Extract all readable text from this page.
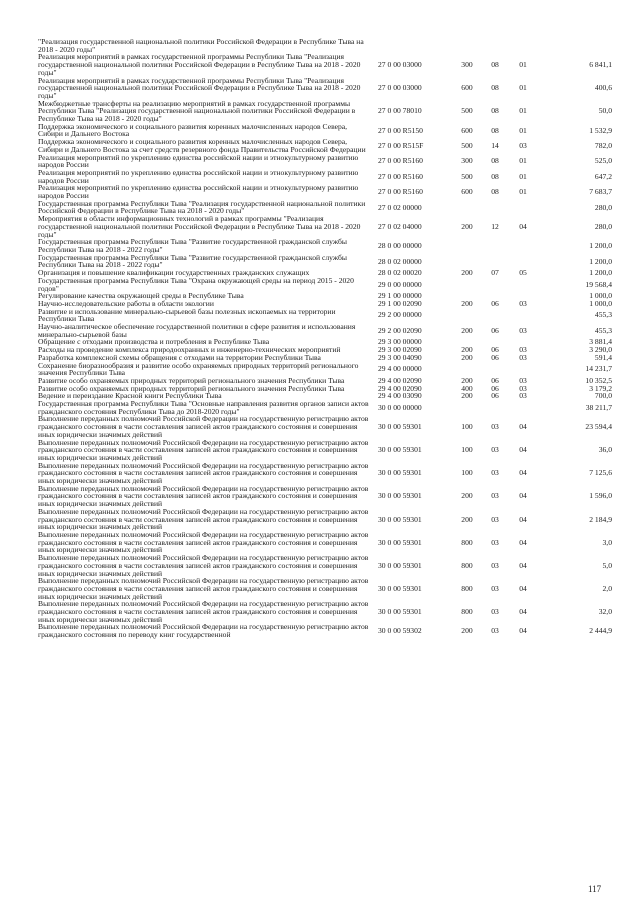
"Реализация государственной национальной политики Российской Федерации в Республике Тыва на 2018 - 2020 годы"					
Реализация мероприятий в рамках государственной программы Республики Тыва "Реализация государственной национальной политики Российской Федерации в Республике Тыва на 2018 - 2020 годы"	27 0 00 03000	300	08	01	6 841,1
Реализация мероприятий в рамках государственной программы Республики Тыва "Реализация государственной национальной политики Российской Федерации в Республике Тыва на 2018 - 2020 годы"	27 0 00 03000	600	08	01	400,6
Межбюджетные трансферты на реализацию мероприятий в рамках государственной программы Республики Тыва "Реализация государственной национальной политики Российской Федерации в Республике Тыва на 2018 - 2020 годы"	27 0 00 78010	500	08	01	50,0
Поддержка экономического и социального развития коренных малочисленных народов Севера, Сибири и Дальнего Востока	27 0 00 R5150	600	08	01	1 532,9
Поддержка экономического и социального развития коренных малочисленных народов Севера, Сибири и Дальнего Востока за счет средств резервного фонда Правительства Российской Федерации	27 0 00 R515F	500	14	03	782,0
Реализация мероприятий по укреплению единства российской нации и этнокультурному развитию народов России	27 0 00 R5160	300	08	01	525,0
Реализация мероприятий по укреплению единства российской нации и этнокультурному развитию народов России	27 0 00 R5160	500	08	01	647,2
Реализация мероприятий по укреплению единства российской нации и этнокультурному развитию народов России	27 0 00 R5160	600	08	01	7 683,7
Государственная программа Республики Тыва "Реализация государственной национальной политики Российской Федерации в Республике Тыва на 2018 - 2020 годы"	27 0 02 00000				280,0
Мероприятия в области информационных технологий в рамках программы "Реализация государственной национальной политики Российской Федерации в Республике Тыва на 2018 - 2020 годы"	27 0 02 04000	200	12	04	280,0
Государственная программа Республики Тыва "Развитие государственной гражданской службы Республики Тыва на 2018 - 2022 годы"	28 0 00 00000				1 200,0
Государственная программа Республики Тыва "Развитие государственной гражданской службы Республики Тыва на 2018 - 2022 годы"	28 0 02 00000				1 200,0
Организация и повышение квалификации государственных гражданских служащих	28 0 02 00020	200	07	05	1 200,0
Государственная программа Республики Тыва "Охрана окружающей среды на период 2015 - 2020 годов"	29 0 00 00000				19 568,4
Регулирование качества окружающей среды в Республике Тыва	29 1 00 00000				1 000,0
Научно-исследовательские работы в области экологии	29 1 00 02090	200	06	03	1 000,0
Развитие и использование минерально-сырьевой базы полезных ископаемых на территории Республики Тыва	29 2 00 00000				455,3
Научно-аналитическое обеспечение государственной политики в сфере развития и использования минерально-сырьевой базы	29 2 00 02090	200	06	03	455,3
Обращение с отходами производства и потребления в Республике Тыва	29 3 00 00000				3 881,4
Расходы на проведение комплекса природоохранных и инженерно-технических мероприятий	29 3 00 02090	200	06	03	3 290,0
Разработка комплексной схемы обращения с отходами на территории Республики Тыва	29 3 00 04090	200	06	03	591,4
Сохранение биоразнообразия и развитие особо охраняемых природных территорий регионального значения Республики Тыва	29 4 00 00000				14 231,7
Развитие особо охраняемых природных территорий регионального значения Республики Тыва	29 4 00 02090	200	06	03	10 352,5
Развитие особо охраняемых природных территорий регионального значения Республики Тыва	29 4 00 02090	400	06	03	3 179,2
Ведение и переиздание Красной книги Республики Тыва	29 4 00 03090	200	06	03	700,0
Государственная программа Республики Тыва "Основные направления развития органов записи актов гражданского состояния Республики Тыва до 2018-2020 годы"	30 0 00 00000				38 211,7
Выполнение переданных полномочий Российской Федерации на государственную регистрацию актов гражданского состояния в части составления записей актов гражданского состояния и совершения иных юридически значимых действий	30 0 00 59301	100	03	04	23 594,4
Выполнение переданных полномочий Российской Федерации на государственную регистрацию актов гражданского состояния в части составления записей актов гражданского состояния и совершения иных юридически значимых действий	30 0 00 59301	100	03	04	36,0
Выполнение переданных полномочий Российской Федерации на государственную регистрацию актов гражданского состояния в части составления записей актов гражданского состояния и совершения иных юридически значимых действий	30 0 00 59301	100	03	04	7 125,6
Выполнение переданных полномочий Российской Федерации на государственную регистрацию актов гражданского состояния в части составления записей актов гражданского состояния и совершения иных юридически значимых действий	30 0 00 59301	200	03	04	1 596,0
Выполнение переданных полномочий Российской Федерации на государственную регистрацию актов гражданского состояния в части составления записей актов гражданского состояния и совершения иных юридически значимых действий	30 0 00 59301	200	03	04	2 184,9
Выполнение переданных полномочий Российской Федерации на государственную регистрацию актов гражданского состояния в части составления записей актов гражданского состояния и совершения иных юридически значимых действий	30 0 00 59301	800	03	04	3,0
Выполнение переданных полномочий Российской Федерации на государственную регистрацию актов гражданского состояния в части составления записей актов гражданского состояния и совершения иных юридически значимых действий	30 0 00 59301	800	03	04	5,0
Выполнение переданных полномочий Российской Федерации на государственную регистрацию актов гражданского состояния в части составления записей актов гражданского состояния и совершения иных юридически значимых действий	30 0 00 59301	800	03	04	2,0
Выполнение переданных полномочий Российской Федерации на государственную регистрацию актов гражданского состояния в части составления записей актов гражданского состояния и совершения иных юридически значимых действий	30 0 00 59301	800	03	04	32,0
Выполнение переданных полномочий Российской Федерации на государственную регистрацию актов гражданского состояния по переводу книг государственной	30 0 00 59302	200	03	04	2 444,9
117
